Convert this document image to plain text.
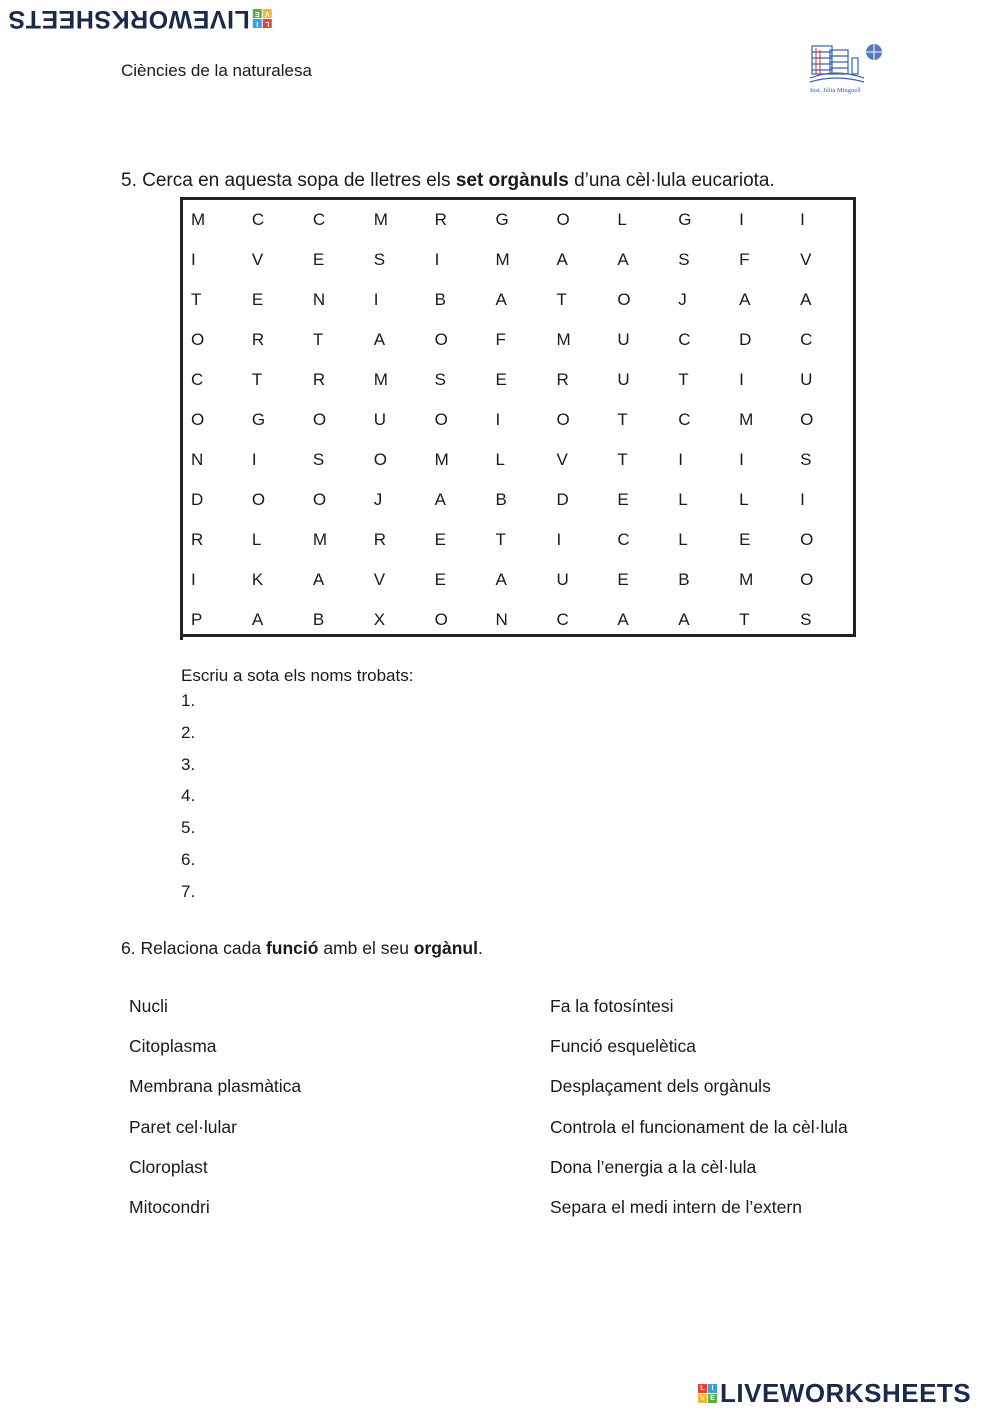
L
I
V
E
LIVEWORKSHEETS
Ciències de la naturalesa
Inst. Júlia Minguell
5. Cerca en aquesta sopa de lletres els set orgànuls d’una cèl·lula eucariota.
M	C	C	M	R	G	O	L	G	I	I
I	V	E	S	I	M	A	A	S	F	V
T	E	N	I	B	A	T	O	J	A	A
O	R	T	A	O	F	M	U	C	D	C
C	T	R	M	S	E	R	U	T	I	U
O	G	O	U	O	I	O	T	C	M	O
N	I	S	O	M	L	V	T	I	I	S
D	O	O	J	A	B	D	E	L	L	I
R	L	M	R	E	T	I	C	L	E	O
I	K	A	V	E	A	U	E	B	M	O
P	A	B	X	O	N	C	A	A	T	S
Escriu a sota els noms trobats:
1.
2.
3.
4.
5.
6.
7.
6. Relaciona cada funció amb el seu orgànul.
Nucli
Citoplasma
Membrana plasmàtica
Paret cel·lular
Cloroplast
Mitocondri
Fa la fotosíntesi
Funció esquelètica
Desplaçament dels orgànuls
Controla el funcionament de la cèl·lula
Dona l’energia a la cèl·lula
Separa el medi intern de l’extern
L I
V E LIVEWORKSHEETS
